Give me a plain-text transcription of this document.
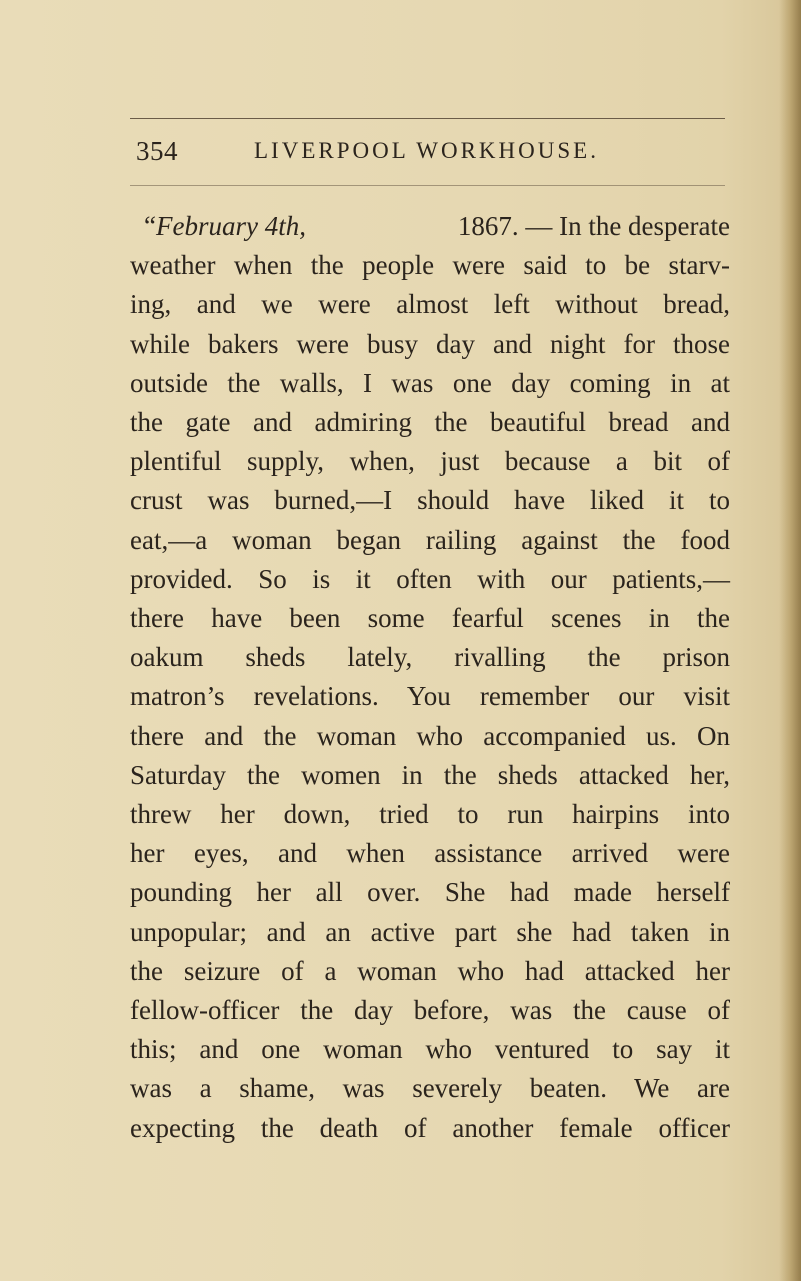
354	LIVERPOOL WORKHOUSE.
“February 4th,	1867. — In the desperate
weather when the people were said to be starv-
ing, and we were almost left without bread,
while bakers were busy day and night for those
outside the walls, I was one day coming in at
the gate and admiring the beautiful bread and
plentiful supply, when, just because a bit of
crust was burned,—I should have liked it to
eat,—a woman began railing against the food
provided. So is it often with our patients,—
there have been some fearful scenes in the
oakum sheds lately, rivalling the prison
matron’s revelations. You remember our visit
there and the woman who accompanied us. On
Saturday the women in the sheds attacked her,
threw her down, tried to run hairpins into
her eyes, and when assistance arrived were
pounding her all over. She had made herself
unpopular; and an active part she had taken in
the seizure of a woman who had attacked her
fellow-officer the day before, was the cause of
this; and one woman who ventured to say it
was a shame, was severely beaten. We are
expecting the death of another female officer
